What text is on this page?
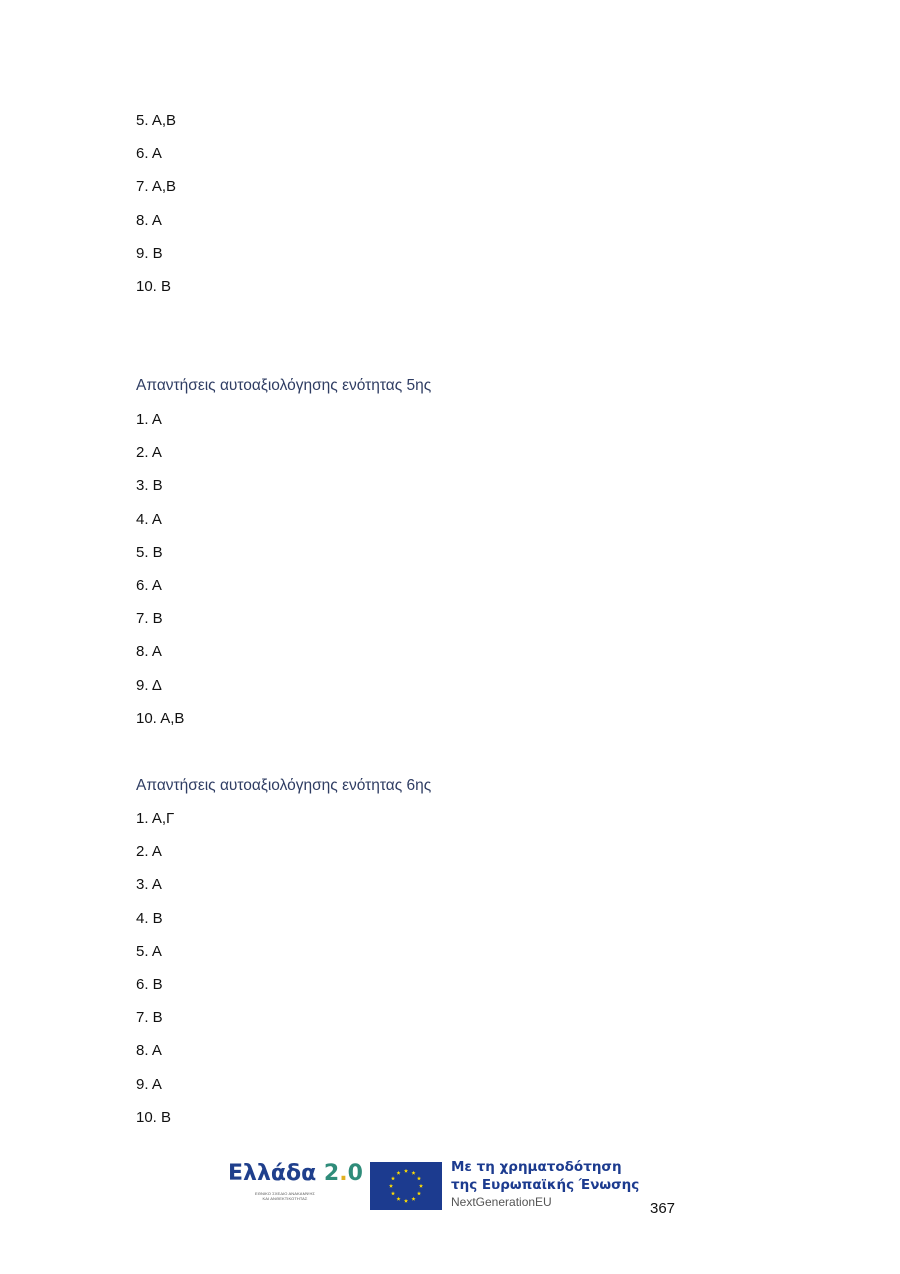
5. Α,Β
6. Α
7. Α,Β
8. Α
9. Β
10. Β
Απαντήσεις αυτοαξιολόγησης ενότητας 5ης
1. Α
2. Α
3. Β
4. Α
5. Β
6. Α
7. Β
8. Α
9. Δ
10. Α,Β
Απαντήσεις αυτοαξιολόγησης ενότητας 6ης
1. Α,Γ
2. Α
3. Α
4. Β
5. Α
6. Β
7. Β
8. Α
9. Α
10. Β
Ελλάδα 2.0
ΕΘΝΙΚΟ ΣΧΕΔΙΟ ΑΝΑΚΑΜΨΗΣ
ΚΑΙ ΑΝΘΕΚΤΙΚΟΤΗΤΑΣ
Με τη χρηματοδότηση
της Ευρωπαϊκής Ένωσης
NextGenerationEU	367
